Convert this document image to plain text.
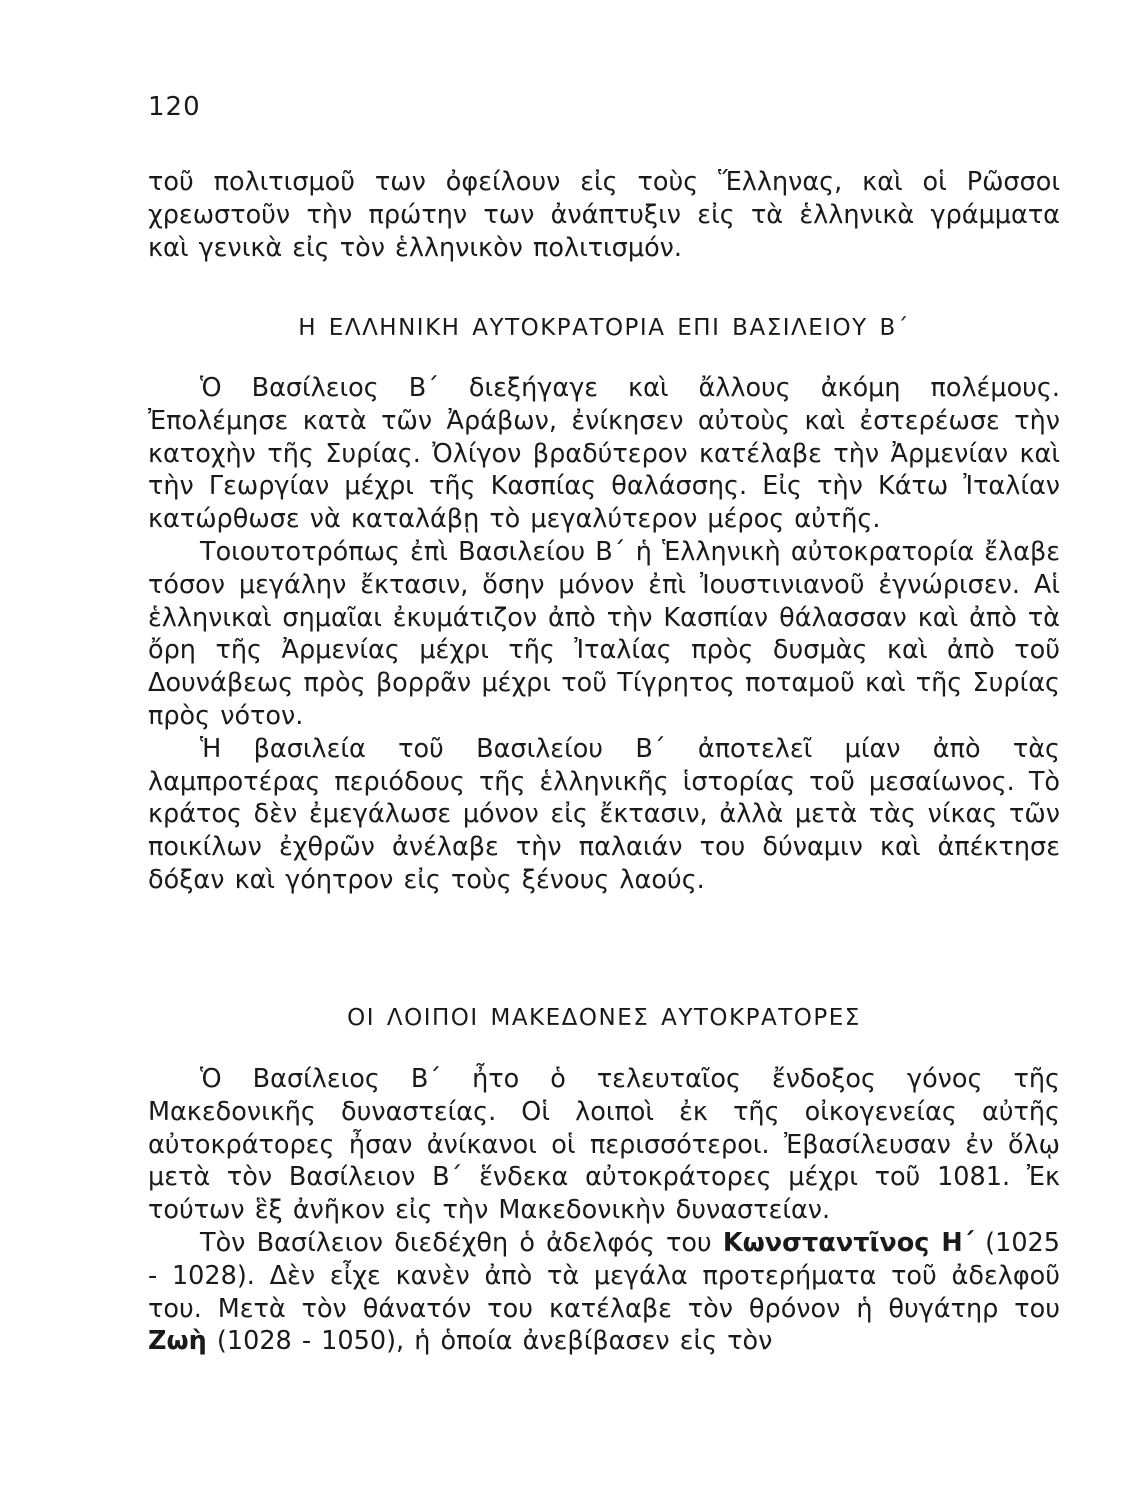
120

τοῦ πολιτισμοῦ των ὀφείλουν εἰς τοὺς Ἕλληνας, καὶ οἱ Ρῶσσοι χρεωστοῦν τὴν πρώτην των ἀνάπτυξιν εἰς τὰ ἑλληνικὰ γράμματα καὶ γενικὰ εἰς τὸν ἑλληνικὸν πολιτισμόν.

Η ΕΛΛΗΝΙΚΗ ΑΥΤΟΚΡΑΤΟΡΙΑ ΕΠΙ ΒΑΣΙΛΕΙΟΥ Β΄

Ὁ Βασίλειος Β΄ διεξήγαγε καὶ ἄλλους ἀκόμη πολέμους. Ἐπολέμησε κατὰ τῶν Ἀράβων, ἐνίκησεν αὐτοὺς καὶ ἐστερέωσε τὴν κατοχὴν τῆς Συρίας. Ὀλίγον βραδύτερον κατέλαβε τὴν Ἀρμενίαν καὶ τὴν Γεωργίαν μέχρι τῆς Κασπίας θαλάσσης. Εἰς τὴν Κάτω Ἰταλίαν κατώρθωσε νὰ καταλάβῃ τὸ μεγαλύτερον μέρος αὐτῆς.

Τοιουτοτρόπως ἐπὶ Βασιλείου Β΄ ἡ Ἑλληνικὴ αὐτοκρατορία ἔλαβε τόσον μεγάλην ἔκτασιν, ὅσην μόνον ἐπὶ Ἰουστινιανοῦ ἐγνώρισεν. Αἱ ἑλληνικαὶ σημαῖαι ἐκυμάτιζον ἀπὸ τὴν Κασπίαν θάλασσαν καὶ ἀπὸ τὰ ὄρη τῆς Ἀρμενίας μέχρι τῆς Ἰταλίας πρὸς δυσμὰς καὶ ἀπὸ τοῦ Δουνάβεως πρὸς βορρᾶν μέχρι τοῦ Τίγρητος ποταμοῦ καὶ τῆς Συρίας πρὸς νότον.

Ἡ βασιλεία τοῦ Βασιλείου Β΄ ἀποτελεῖ μίαν ἀπὸ τὰς λαμπροτέρας περιόδους τῆς ἑλληνικῆς ἱστορίας τοῦ μεσαίωνος. Τὸ κράτος δὲν ἐμεγάλωσε μόνον εἰς ἔκτασιν, ἀλλὰ μετὰ τὰς νίκας τῶν ποικίλων ἐχθρῶν ἀνέλαβε τὴν παλαιάν του δύναμιν καὶ ἀπέκτησε δόξαν καὶ γόητρον εἰς τοὺς ξένους λαούς.

ΟΙ ΛΟΙΠΟΙ ΜΑΚΕΔΟΝΕΣ ΑΥΤΟΚΡΑΤΟΡΕΣ

Ὁ Βασίλειος Β΄ ἦτο ὁ τελευταῖος ἔνδοξος γόνος τῆς Μακεδονικῆς δυναστείας. Οἱ λοιποὶ ἐκ τῆς οἰκογενείας αὐτῆς αὐτοκράτορες ἦσαν ἀνίκανοι οἱ περισσότεροι. Ἐβασίλευσαν ἐν ὅλῳ μετὰ τὸν Βασίλειον Β΄ ἕνδεκα αὐτοκράτορες μέχρι τοῦ 1081. Ἐκ τούτων ἓξ ἀνῆκον εἰς τὴν Μακεδονικὴν δυναστείαν.

Τὸν Βασίλειον διεδέχθη ὁ ἀδελφός του Κωνσταντῖνος Η΄ (1025 - 1028). Δὲν εἶχε κανὲν ἀπὸ τὰ μεγάλα προτερήματα τοῦ ἀδελφοῦ του. Μετὰ τὸν θάνατόν του κατέλαβε τὸν θρόνον ἡ θυγάτηρ του Ζωὴ (1028 - 1050), ἡ ὁποία ἀνεβίβασεν εἰς τὸν
